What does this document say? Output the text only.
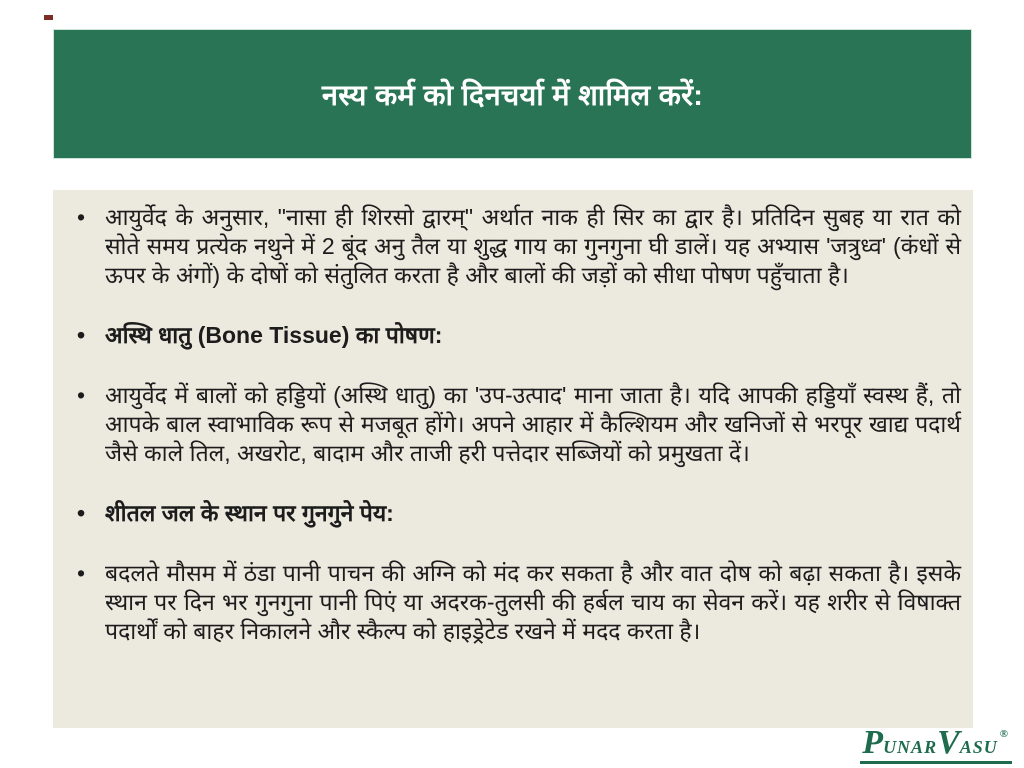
नस्य कर्म को दिनचर्या में शामिल करें:
• आयुर्वेद के अनुसार, "नासा ही शिरसो द्वारम्" अर्थात नाक ही सिर का द्वार है। प्रतिदिन सुबह या रात को सोते समय प्रत्येक नथुने में 2 बूंद अनु तैल या शुद्ध गाय का गुनगुना घी डालें। यह अभ्यास 'जत्रुध्व' (कंधों से ऊपर के अंगों) के दोषों को संतुलित करता है और बालों की जड़ों को सीधा पोषण पहुँचाता है।
• अस्थि धातु (Bone Tissue) का पोषण:
• आयुर्वेद में बालों को हड्डियों (अस्थि धातु) का 'उप-उत्पाद' माना जाता है। यदि आपकी हड्डियाँ स्वस्थ हैं, तो आपके बाल स्वाभाविक रूप से मजबूत होंगे। अपने आहार में कैल्शियम और खनिजों से भरपूर खाद्य पदार्थ जैसे काले तिल, अखरोट, बादाम और ताजी हरी पत्तेदार सब्जियों को प्रमुखता दें।
• शीतल जल के स्थान पर गुनगुने पेय:
• बदलते मौसम में ठंडा पानी पाचन की अग्नि को मंद कर सकता है और वात दोष को बढ़ा सकता है। इसके स्थान पर दिन भर गुनगुना पानी पिएं या अदरक-तुलसी की हर्बल चाय का सेवन करें। यह शरीर से विषाक्त पदार्थों को बाहर निकालने और स्कैल्प को हाइड्रेटेड रखने में मदद करता है।
PUNARVASU®
